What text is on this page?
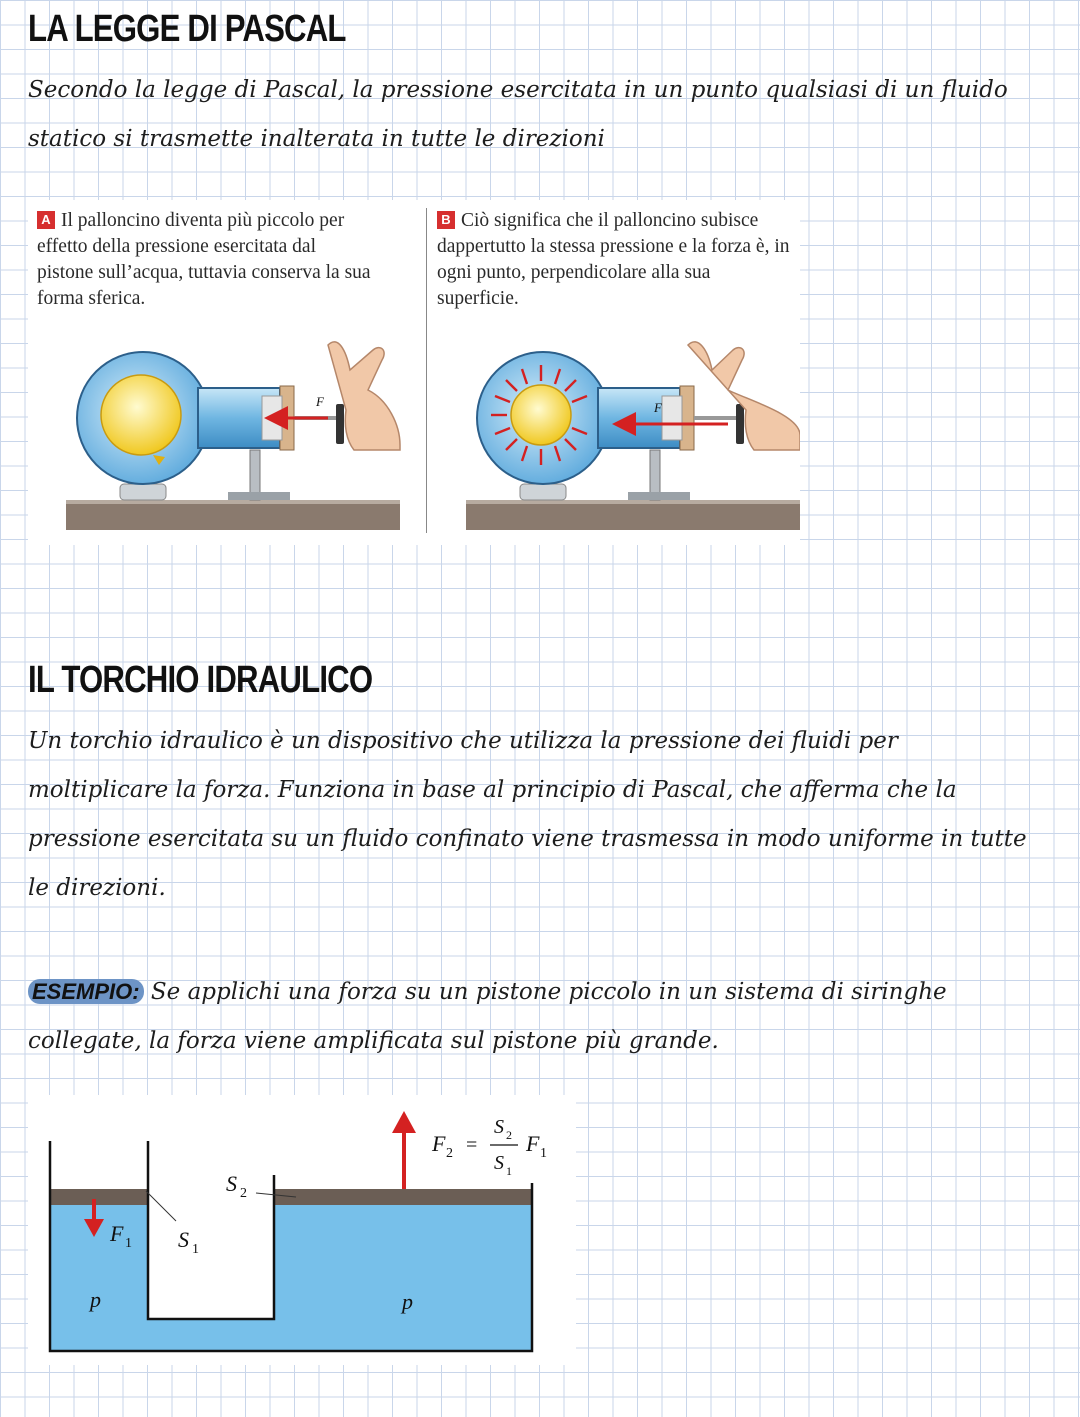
LA LEGGE DI PASCAL
Secondo la legge di Pascal, la pressione esercitata in un punto qualsiasi di un fluido statico si trasmette inalterata in tutte le direzioni
A Il palloncino diventa più piccolo per effetto della pressione esercitata dal pistone sull’acqua, tuttavia conserva la sua forma sferica.
B Ciò significa che il palloncino subisce dappertutto la stessa pressione e la forza è, in ogni punto, perpendicolare alla sua superficie.
F	F
IL TORCHIO IDRAULICO
Un torchio idraulico è un dispositivo che utilizza la pressione dei fluidi per moltiplicare la forza. Funziona in base al principio di Pascal, che afferma che la pressione esercitata su un fluido confinato viene trasmessa in modo uniforme in tutte le direzioni.
ESEMPIO: Se applichi una forza su un pistone piccolo in un sistema di siringhe collegate, la forza viene amplificata sul pistone più grande.
F 1 S 1
S 2
p	p
F 2 =
S 2
S 1
F 1
